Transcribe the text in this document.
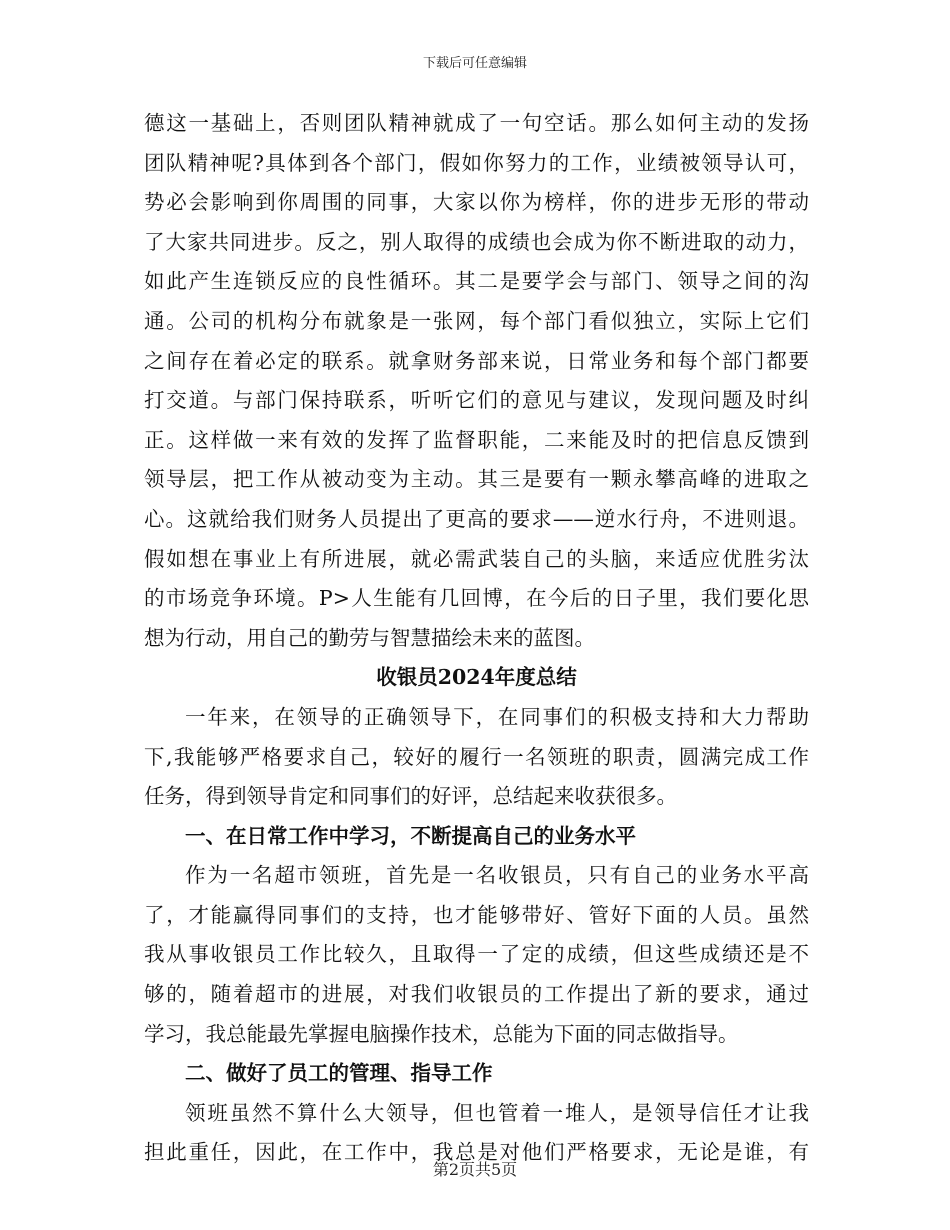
下载后可任意编辑
德这一基础上，否则团队精神就成了一句空话。那么如何主动的发扬
团队精神呢?具体到各个部门，假如你努力的工作，业绩被领导认可，
势必会影响到你周围的同事，大家以你为榜样，你的进步无形的带动
了大家共同进步。反之，别人取得的成绩也会成为你不断进取的动力，
如此产生连锁反应的良性循环。其二是要学会与部门、领导之间的沟
通。公司的机构分布就象是一张网，每个部门看似独立，实际上它们
之间存在着必定的联系。就拿财务部来说，日常业务和每个部门都要
打交道。与部门保持联系，听听它们的意见与建议，发现问题及时纠
正。这样做一来有效的发挥了监督职能，二来能及时的把信息反馈到
领导层，把工作从被动变为主动。其三是要有一颗永攀高峰的进取之
心。这就给我们财务人员提出了更高的要求——逆水行舟，不进则退。
假如想在事业上有所进展，就必需武装自己的头脑，来适应优胜劣汰
的市场竞争环境。P>人生能有几回博，在今后的日子里，我们要化思
想为行动，用自己的勤劳与智慧描绘未来的蓝图。
收银员2024年度总结
一年来，在领导的正确领导下，在同事们的积极支持和大力帮助
下,我能够严格要求自己，较好的履行一名领班的职责，圆满完成工作
任务，得到领导肯定和同事们的好评，总结起来收获很多。
一、在日常工作中学习，不断提高自己的业务水平
作为一名超市领班，首先是一名收银员，只有自己的业务水平高
了，才能赢得同事们的支持，也才能够带好、管好下面的人员。虽然
我从事收银员工作比较久，且取得一了定的成绩，但这些成绩还是不
够的，随着超市的进展，对我们收银员的工作提出了新的要求，通过
学习，我总能最先掌握电脑操作技术，总能为下面的同志做指导。
二、做好了员工的管理、指导工作
领班虽然不算什么大领导，但也管着一堆人，是领导信任才让我
担此重任，因此，在工作中，我总是对他们严格要求，无论是谁，有
第2页共5页
